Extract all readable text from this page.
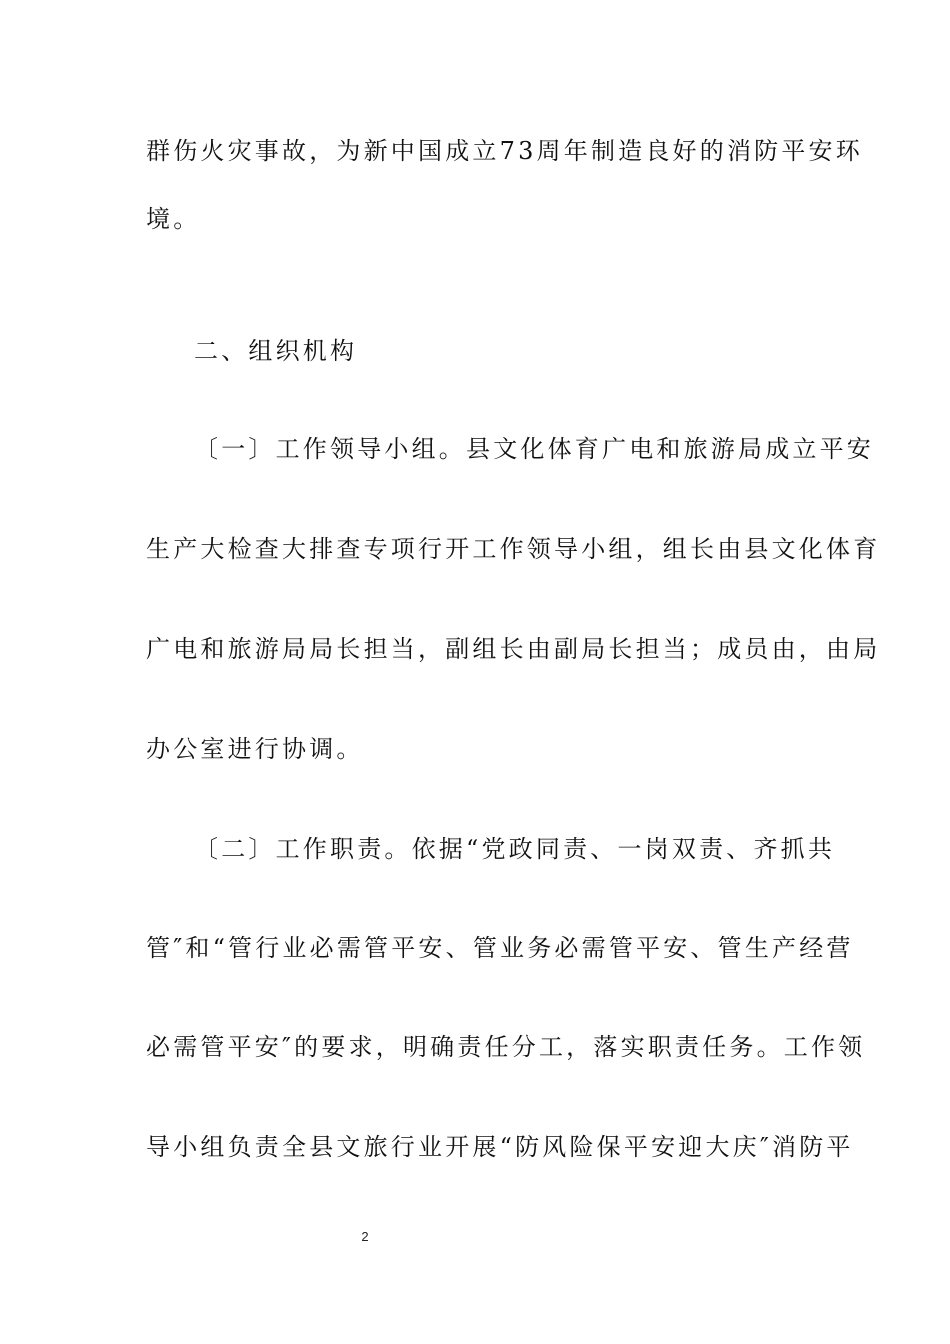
群伤火灾事故，为新中国成立73周年制造良好的消防平安环
境。
二、组织机构
〔一〕工作领导小组。县文化体育广电和旅游局成立平安
生产大检查大排查专项行开工作领导小组，组长由县文化体育
广电和旅游局局长担当，副组长由副局长担当；成员由，由局
办公室进行协调。
〔二〕工作职责。依据“党政同责、一岗双责、齐抓共
管″和“管行业必需管平安、管业务必需管平安、管生产经营
必需管平安″的要求，明确责任分工，落实职责任务。工作领
导小组负责全县文旅行业开展“防风险保平安迎大庆″消防平
2
